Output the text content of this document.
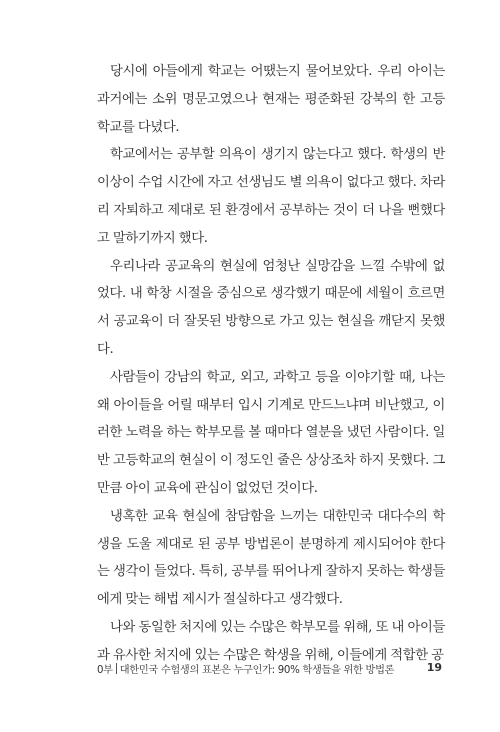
당시에 아들에게 학교는 어땠는지 물어보았다. 우리 아이는 과거에는 소위 명문고였으나 현재는 평준화된 강북의 한 고등학교를 다녔다.

학교에서는 공부할 의욕이 생기지 않는다고 했다. 학생의 반 이상이 수업 시간에 자고 선생님도 별 의욕이 없다고 했다. 차라리 자퇴하고 제대로 된 환경에서 공부하는 것이 더 나을 뻔했다고 말하기까지 했다.

우리나라 공교육의 현실에 엄청난 실망감을 느낄 수밖에 없었다. 내 학창 시절을 중심으로 생각했기 때문에 세월이 흐르면서 공교육이 더 잘못된 방향으로 가고 있는 현실을 깨닫지 못했다.

사람들이 강남의 학교, 외고, 과학고 등을 이야기할 때, 나는 왜 아이들을 어릴 때부터 입시 기계로 만드느냐며 비난했고, 이러한 노력을 하는 학부모를 볼 때마다 열분을 냈던 사람이다. 일반 고등학교의 현실이 이 정도인 줄은 상상조차 하지 못했다. 그만큼 아이 교육에 관심이 없었던 것이다.

냉혹한 교육 현실에 참담함을 느끼는 대한민국 대다수의 학생을 도울 제대로 된 공부 방법론이 분명하게 제시되어야 한다는 생각이 들었다. 특히, 공부를 뛰어나게 잘하지 못하는 학생들에게 맞는 해법 제시가 절실하다고 생각했다.

나와 동일한 처지에 있는 수많은 학부모를 위해, 또 내 아이들과 유사한 처지에 있는 수많은 학생을 위해, 이들에게 적합한 공

0부 대한민국 수험생의 표본은 누구인가: 90% 학생들을 위한 방법론	19
